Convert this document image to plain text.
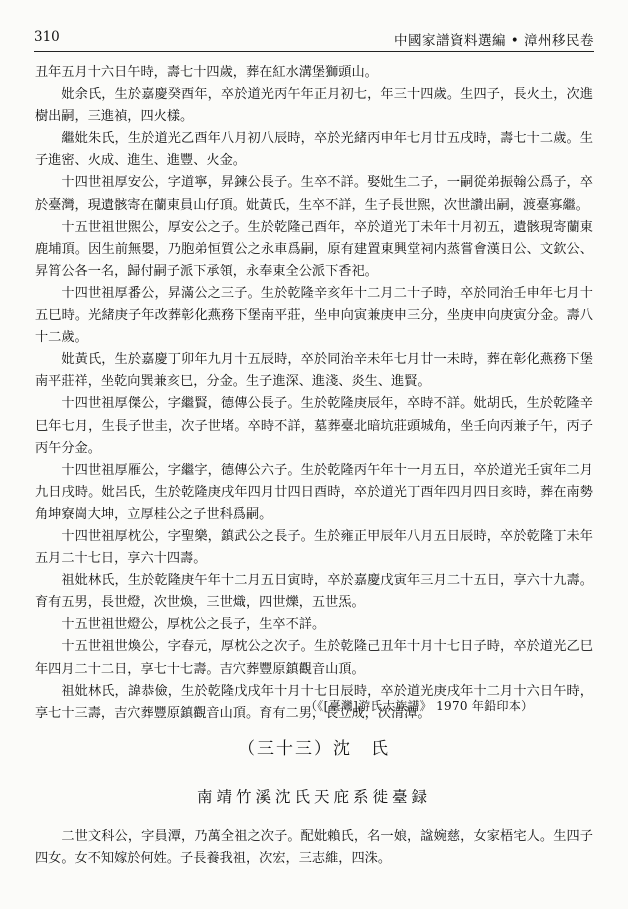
310	中國家譜資料選編 • 漳州移民卷

丑年五月十六日午時，壽七十四歲，葬在紅水溝堡獅頭山。

妣余氏，生於嘉慶癸酉年，卒於道光丙午年正月初七，年三十四歲。生四子，長火土，次進樹出嗣，三進禎，四火樣。

繼妣朱氏，生於道光乙酉年八月初八辰時，卒於光緒丙申年七月廿五戌時，壽七十二歲。生子進密、火成、進生、進豐、火金。

十四世祖厚安公，字道寧，昇鍊公長子。生卒不詳。娶妣生二子，一嗣從弟振翰公爲子，卒於臺灣，現遺骸寄在蘭東員山仔頂。妣黃氏，生卒不詳，生子長世煕，次世讚出嗣，渡臺寡繼。

十五世祖世煕公，厚安公之子。生於乾隆己酉年，卒於道光丁未年十月初五，遺骸現寄蘭東鹿埔頂。因生前無嬰，乃胞弟恒質公之永車爲嗣，原有建置東興堂祠内蒸嘗會漢日公、文欽公、昇筲公各一名，歸付嗣子派下承領，永奉東全公派下香祀。

十四世祖厚番公，昇滿公之三子。生於乾隆辛亥年十二月二十子時，卒於同治壬申年七月十五巳時。光緒庚子年改葬彰化燕務下堡南平莊，坐申向寅兼庚申三分，坐庚申向庚寅分金。壽八十二歲。

妣黃氏，生於嘉慶丁卯年九月十五辰時，卒於同治辛未年七月廿一未時，葬在彰化燕務下堡南平莊祥，坐乾向巽兼亥巳，分金。生子進深、進淺、炎生、進賢。

十四世祖厚傑公，字繼賢，德傳公長子。生於乾隆庚辰年，卒時不詳。妣胡氏，生於乾隆辛巳年七月，生長子世圭，次子世堵。卒時不詳，墓葬臺北暗坑莊頭城角，坐壬向丙兼子午，丙子丙午分金。

十四世祖厚雁公，字繼字，德傳公六子。生於乾隆丙午年十一月五日，卒於道光壬寅年二月九日戌時。妣呂氏，生於乾隆庚戌年四月廿四日酉時，卒於道光丁酉年四月四日亥時，葬在南勢角坤寮崗大坤，立厚桂公之子世科爲嗣。

十四世祖厚枕公，字聖樂，鎮武公之長子。生於雍正甲辰年八月五日辰時，卒於乾隆丁未年五月二十七日，享六十四壽。

祖妣林氏，生於乾隆庚午年十二月五日寅時，卒於嘉慶戊寅年三月二十五日，享六十九壽。育有五男，長世燈，次世煥，三世熾，四世爍，五世炁。

十五世祖世燈公，厚枕公之長子，生卒不詳。

十五世祖世煥公，字春元，厚枕公之次子。生於乾隆己丑年十月十七日子時，卒於道光乙巳年四月二十二日，享七十七壽。吉穴葬豐原鎮觀音山頂。

祖妣林氏，諱恭儉，生於乾隆戊戌年十月十七日辰時，卒於道光庚戌年十二月十六日午時，享七十三壽，吉穴葬豐原鎮觀音山頂。育有二男，長立成，次清潭。

（《[臺灣]游氏大族譜》 1970 年鉛印本）
（三十三）沈　氏
南靖竹溪沈氏天庇系徙臺録

二世文科公，字員潭，乃萬全祖之次子。配妣賴氏，名一娘，諡婉慈，女家梧宅人。生四子四女。女不知嫁於何姓。子長養我祖，次宏，三志維，四洙。
